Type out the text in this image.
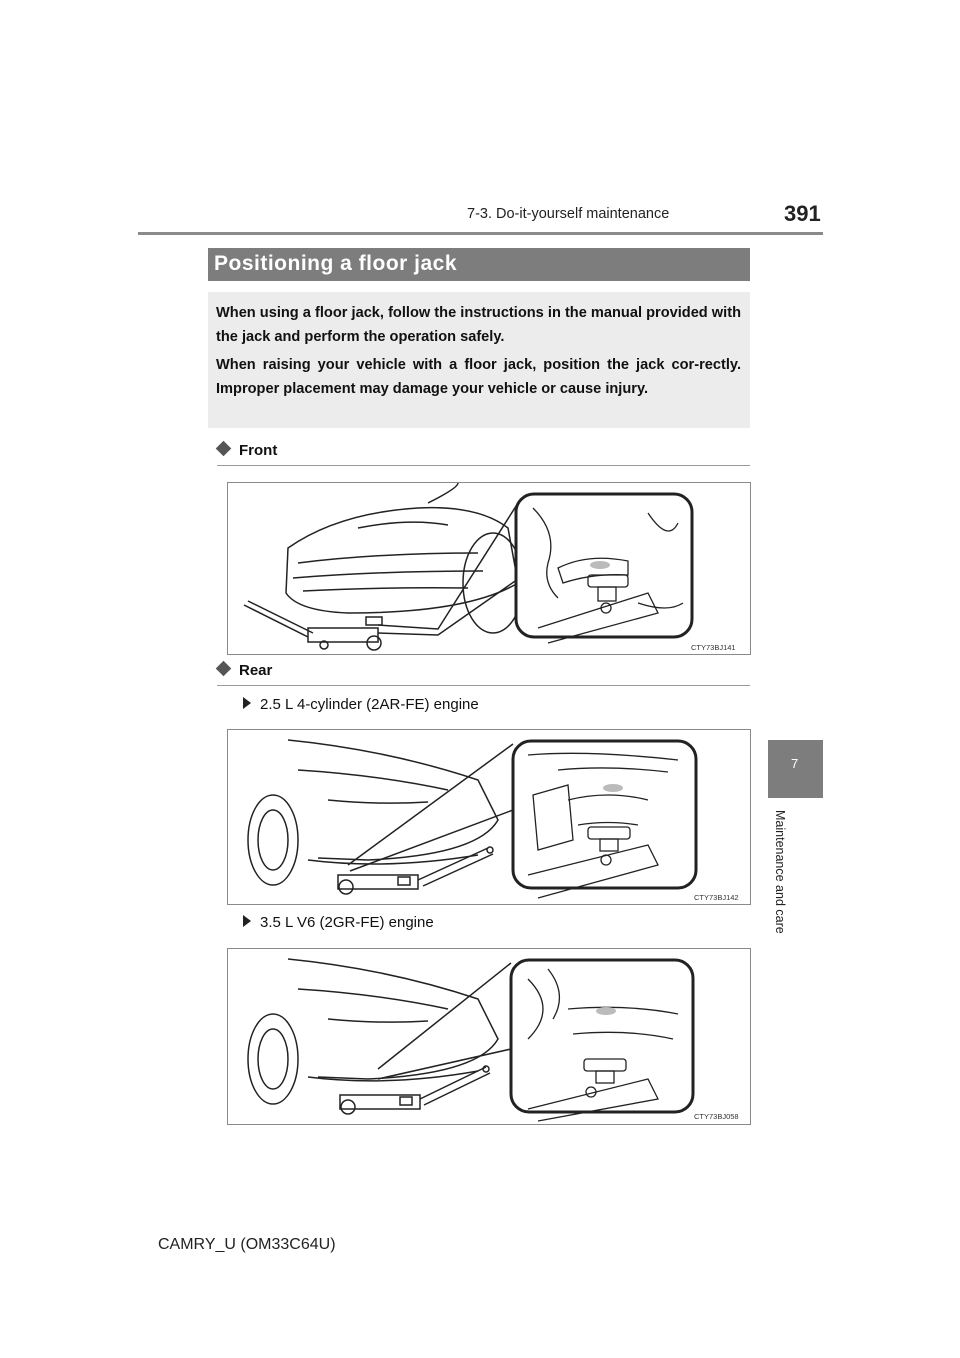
7-3. Do-it-yourself maintenance	391
7
Maintenance and care
Positioning a floor jack
When using a floor jack, follow the instructions in the manual provided with the jack and perform the operation safely.
When raising your vehicle with a floor jack, position the jack cor-rectly. Improper placement may damage your vehicle or cause injury.
Front
CTY73BJ141
Rear
2.5 L 4-cylinder (2AR-FE) engine
CTY73BJ142
3.5 L V6 (2GR-FE) engine
CTY73BJ058
CAMRY_U (OM33C64U)
